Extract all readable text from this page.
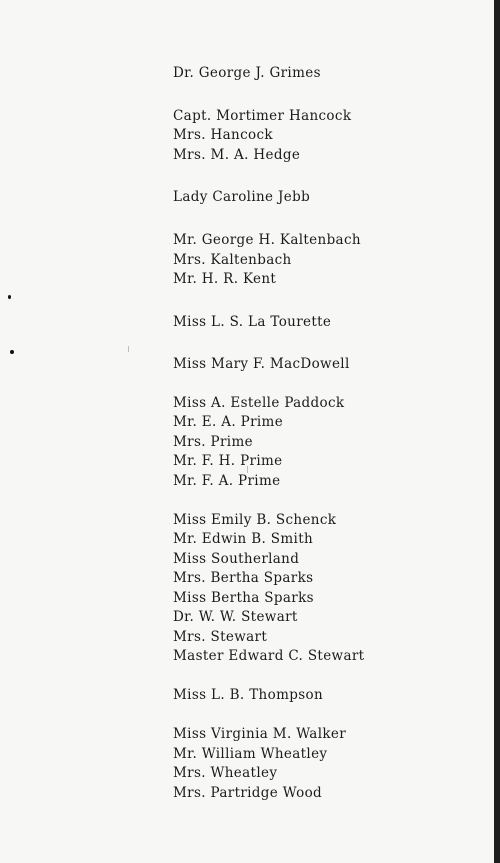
Dr. George J. Grimes
Capt. Mortimer Hancock
Mrs. Hancock
Mrs. M. A. Hedge
Lady Caroline Jebb
Mr. George H. Kaltenbach
Mrs. Kaltenbach
Mr. H. R. Kent
Miss L. S. La Tourette
Miss Mary F. MacDowell
Miss A. Estelle Paddock
Mr. E. A. Prime
Mrs. Prime
Mr. F. H. Prime
Mr. F. A. Prime
Miss Emily B. Schenck
Mr. Edwin B. Smith
Miss Southerland
Mrs. Bertha Sparks
Miss Bertha Sparks
Dr. W. W. Stewart
Mrs. Stewart
Master Edward C. Stewart
Miss L. B. Thompson
Miss Virginia M. Walker
Mr. William Wheatley
Mrs. Wheatley
Mrs. Partridge Wood
